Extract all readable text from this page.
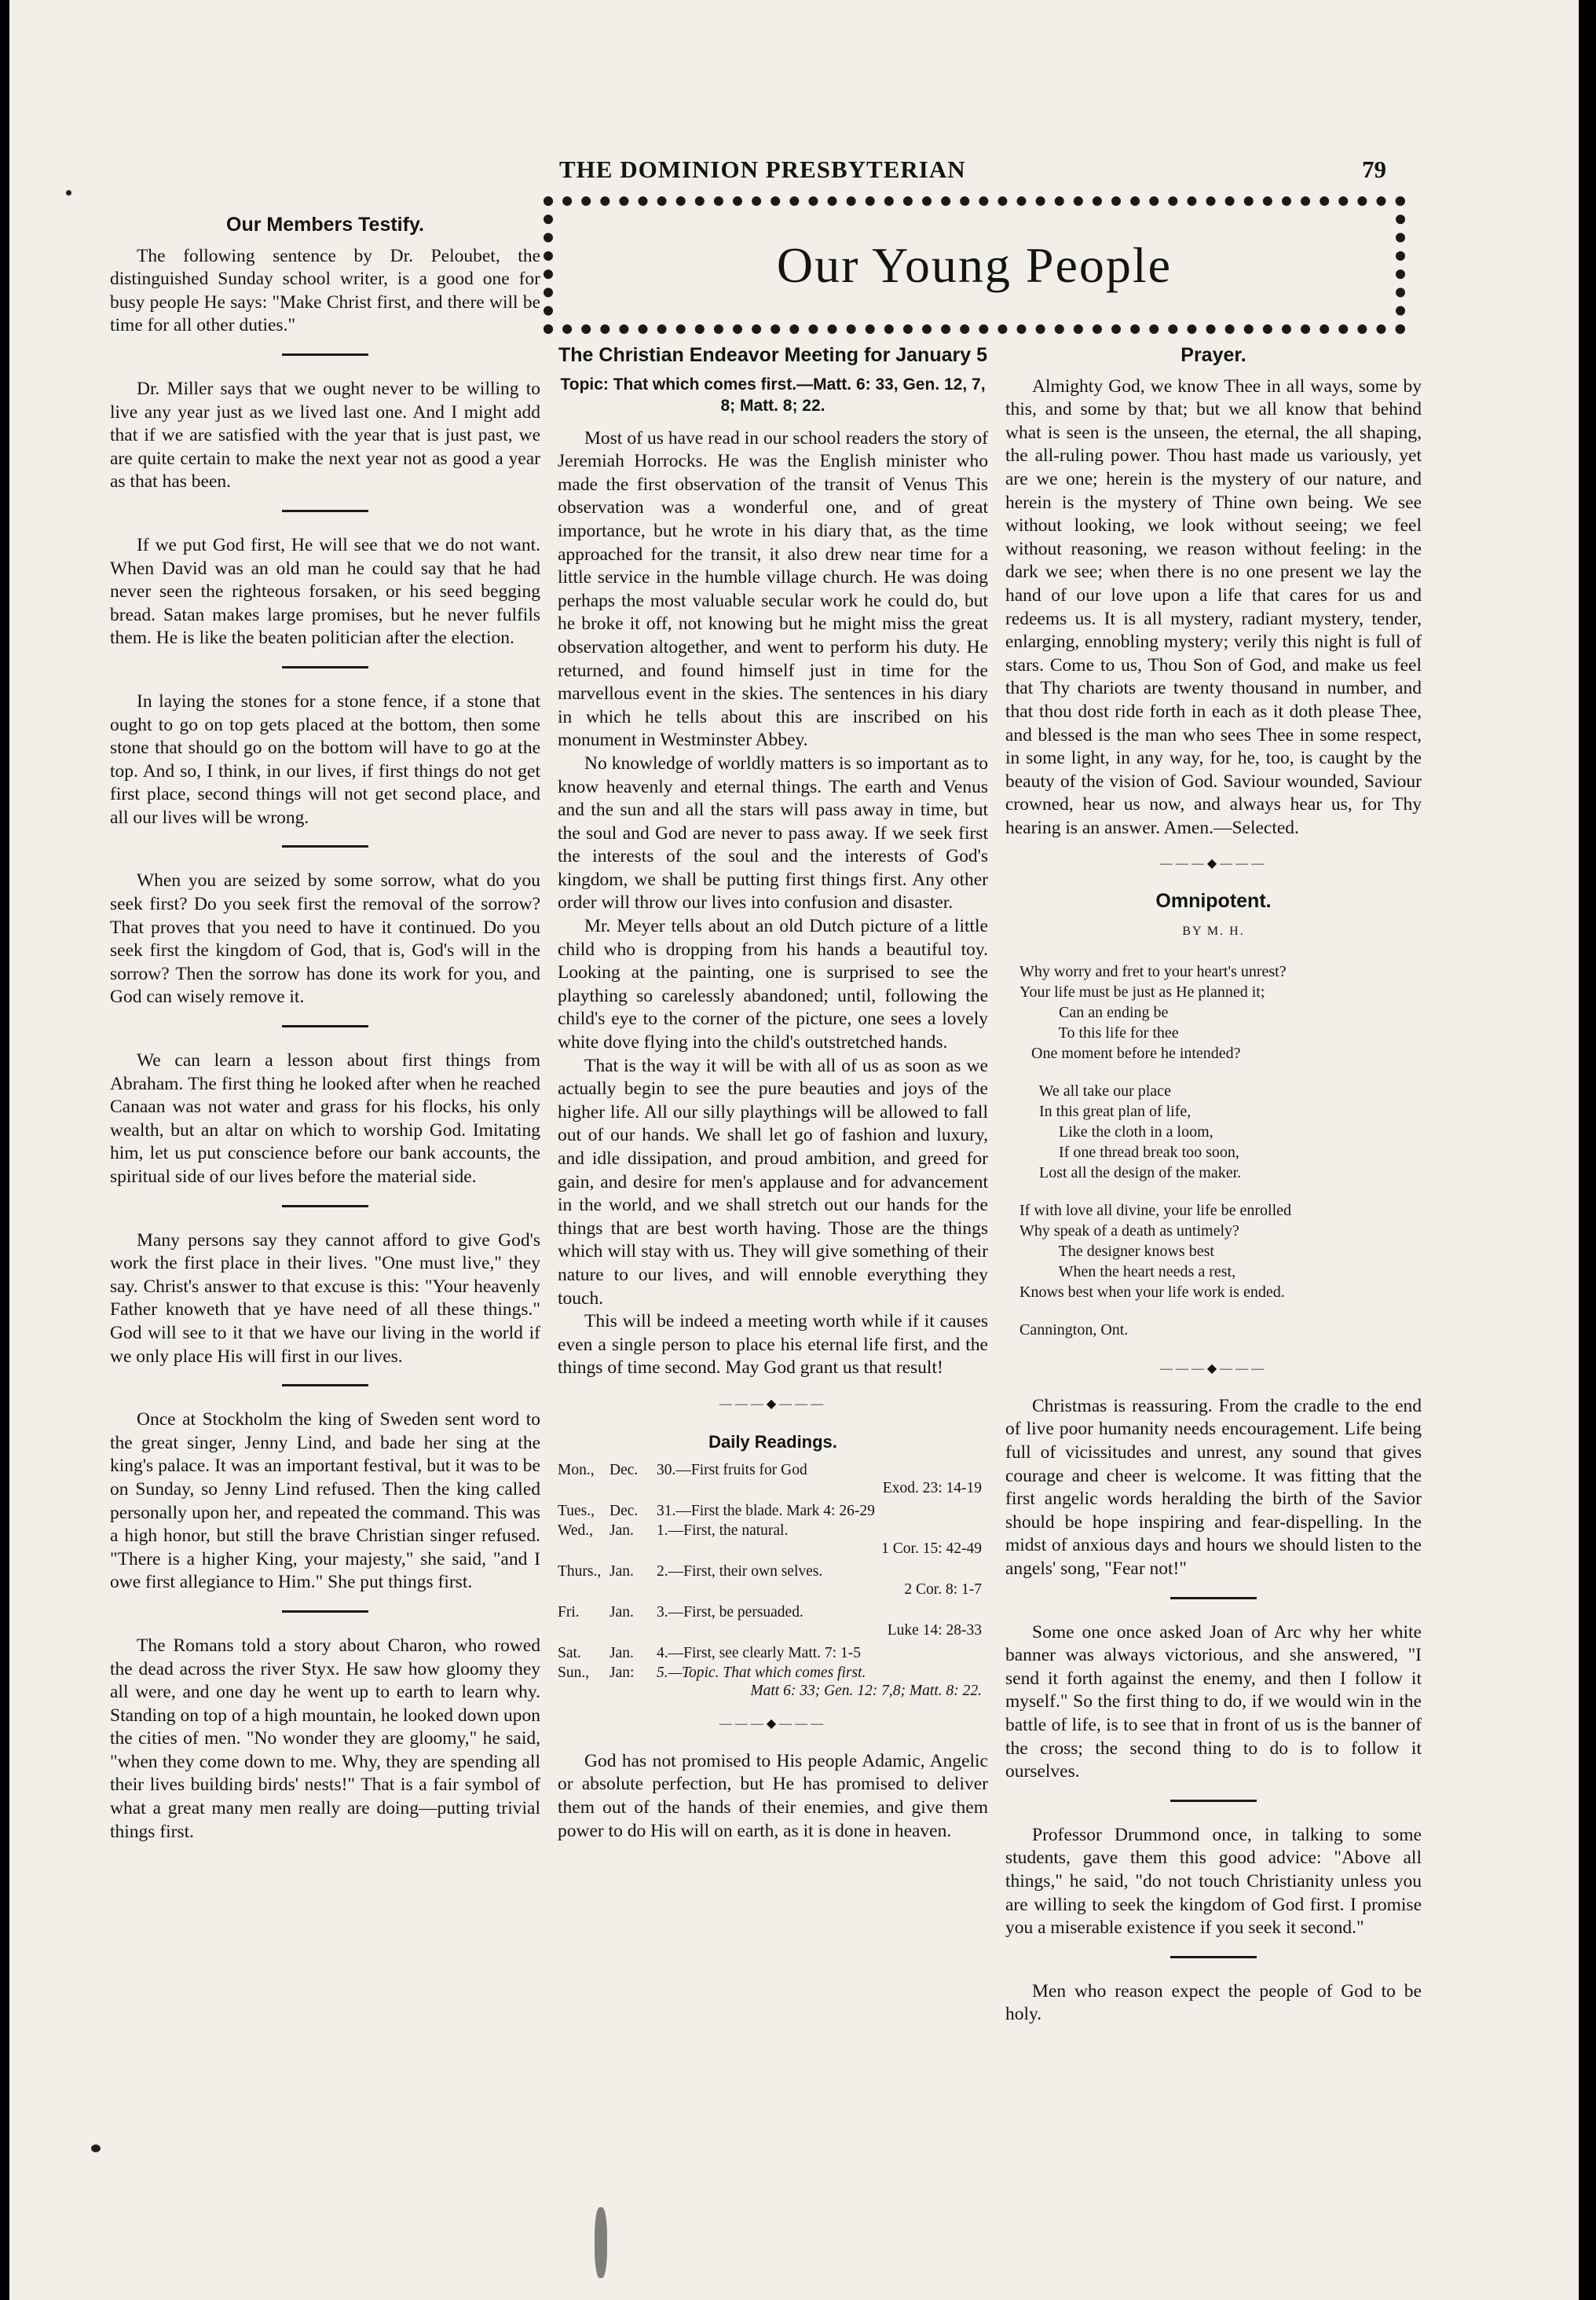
THE DOMINION PRESBYTERIAN	79
Our Young People
Our Members Testify.

The following sentence by Dr. Peloubet, the distinguished Sunday school writer, is a good one for busy people He says: "Make Christ first, and there will be time for all other duties."

Dr. Miller says that we ought never to be willing to live any year just as we lived last one. And I might add that if we are satisfied with the year that is just past, we are quite certain to make the next year not as good a year as that has been.

If we put God first, He will see that we do not want. When David was an old man he could say that he had never seen the righteous forsaken, or his seed begging bread. Satan makes large promises, but he never fulfils them. He is like the beaten politician after the election.

In laying the stones for a stone fence, if a stone that ought to go on top gets placed at the bottom, then some stone that should go on the bottom will have to go at the top. And so, I think, in our lives, if first things do not get first place, second things will not get second place, and all our lives will be wrong.

When you are seized by some sorrow, what do you seek first? Do you seek first the removal of the sorrow? That proves that you need to have it continued. Do you seek first the kingdom of God, that is, God's will in the sorrow? Then the sorrow has done its work for you, and God can wisely remove it.

We can learn a lesson about first things from Abraham. The first thing he looked after when he reached Canaan was not water and grass for his flocks, his only wealth, but an altar on which to worship God. Imitating him, let us put conscience before our bank accounts, the spiritual side of our lives before the material side.

Many persons say they cannot afford to give God's work the first place in their lives. "One must live," they say. Christ's answer to that excuse is this: "Your heavenly Father knoweth that ye have need of all these things." God will see to it that we have our living in the world if we only place His will first in our lives.

Once at Stockholm the king of Sweden sent word to the great singer, Jenny Lind, and bade her sing at the king's palace. It was an important festival, but it was to be on Sunday, so Jenny Lind refused. Then the king called personally upon her, and repeated the command. This was a high honor, but still the brave Christian singer refused. "There is a higher King, your majesty," she said, "and I owe first allegiance to Him." She put things first.

The Romans told a story about Charon, who rowed the dead across the river Styx. He saw how gloomy they all were, and one day he went up to earth to learn why. Standing on top of a high mountain, he looked down upon the cities of men. "No wonder they are gloomy," he said, "when they come down to me. Why, they are spending all their lives building birds' nests!" That is a fair symbol of what a great many men really are doing—putting trivial things first.

The Christian Endeavor Meeting for January 5
Topic: That which comes first.—Matt. 6: 33, Gen. 12, 7, 8; Matt. 8; 22.

Most of us have read in our school readers the story of Jeremiah Horrocks. He was the English minister who made the first observation of the transit of Venus This observation was a wonderful one, and of great importance, but he wrote in his diary that, as the time approached for the transit, it also drew near time for a little service in the humble village church. He was doing perhaps the most valuable secular work he could do, but he broke it off, not knowing but he might miss the great observation altogether, and went to perform his duty. He returned, and found himself just in time for the marvellous event in the skies. The sentences in his diary in which he tells about this are inscribed on his monument in Westminster Abbey.

No knowledge of worldly matters is so important as to know heavenly and eternal things. The earth and Venus and the sun and all the stars will pass away in time, but the soul and God are never to pass away. If we seek first the interests of the soul and the interests of God's kingdom, we shall be putting first things first. Any other order will throw our lives into confusion and disaster.

Mr. Meyer tells about an old Dutch picture of a little child who is dropping from his hands a beautiful toy. Looking at the painting, one is surprised to see the plaything so carelessly abandoned; until, following the child's eye to the corner of the picture, one sees a lovely white dove flying into the child's outstretched hands.

That is the way it will be with all of us as soon as we actually begin to see the pure beauties and joys of the higher life. All our silly playthings will be allowed to fall out of our hands. We shall let go of fashion and luxury, and idle dissipation, and proud ambition, and greed for gain, and desire for men's applause and for advancement in the world, and we shall stretch out our hands for the things that are best worth having. Those are the things which will stay with us. They will give something of their nature to our lives, and will ennoble everything they touch.

This will be indeed a meeting worth while if it causes even a single person to place his eternal life first, and the things of time second. May God grant us that result!

———◆———
Daily Readings.
Mon., Dec.	30.—First fruits for God
Exod. 23: 14-19
Tues., Dec.	31.—First the blade. Mark 4: 26-29
Wed.,	Jan.	1.—First, the natural.
1 Cor. 15: 42-49
Thurs., Jan.	2.—First, their own selves.
2 Cor. 8: 1-7
Fri.	Jan.	3.—First, be persuaded.
Luke 14: 28-33
Sat.	Jan.	4.—First, see clearly Matt. 7: 1-5
Sun.,	Jan:	5.—Topic. That which comes first.
Matt 6: 33; Gen. 12: 7,8; Matt. 8: 22.
———◆———

God has not promised to His people Adamic, Angelic or absolute perfection, but He has promised to deliver them out of the hands of their enemies, and give them power to do His will on earth, as it is done in heaven.

Prayer.

Almighty God, we know Thee in all ways, some by this, and some by that; but we all know that behind what is seen is the unseen, the eternal, the all shaping, the all-ruling power. Thou hast made us variously, yet are we one; herein is the mystery of our nature, and herein is the mystery of Thine own being. We see without looking, we look without seeing; we feel without reasoning, we reason without feeling: in the dark we see; when there is no one present we lay the hand of our love upon a life that cares for us and redeems us. It is all mystery, radiant mystery, tender, enlarging, ennobling mystery; verily this night is full of stars. Come to us, Thou Son of God, and make us feel that Thy chariots are twenty thousand in number, and that thou dost ride forth in each as it doth please Thee, and blessed is the man who sees Thee in some respect, in some light, in any way, for he, too, is caught by the beauty of the vision of God. Saviour wounded, Saviour crowned, hear us now, and always hear us, for Thy hearing is an answer. Amen.—Selected.

———◆———
Omnipotent.
BY M. H.
Why worry and fret to your heart's unrest?
Your life must be just as He planned it;
Can an ending be
To this life for thee
One moment before he intended?
We all take our place
In this great plan of life,
Like the cloth in a loom,
If one thread break too soon,
Lost all the design of the maker.
If with love all divine, your life be enrolled
Why speak of a death as untimely?
The designer knows best
When the heart needs a rest,
Knows best when your life work is ended.
Cannington, Ont.
———◆———

Christmas is reassuring. From the cradle to the end of live poor humanity needs encouragement. Life being full of vicissitudes and unrest, any sound that gives courage and cheer is welcome. It was fitting that the first angelic words heralding the birth of the Savior should be hope inspiring and fear-dispelling. In the midst of anxious days and hours we should listen to the angels' song, "Fear not!"

Some one once asked Joan of Arc why her white banner was always victorious, and she answered, "I send it forth against the enemy, and then I follow it myself." So the first thing to do, if we would win in the battle of life, is to see that in front of us is the banner of the cross; the second thing to do is to follow it ourselves.

Professor Drummond once, in talking to some students, gave them this good advice: "Above all things," he said, "do not touch Christianity unless you are willing to seek the kingdom of God first. I promise you a miserable existence if you seek it second."

Men who reason expect the people of God to be holy.
